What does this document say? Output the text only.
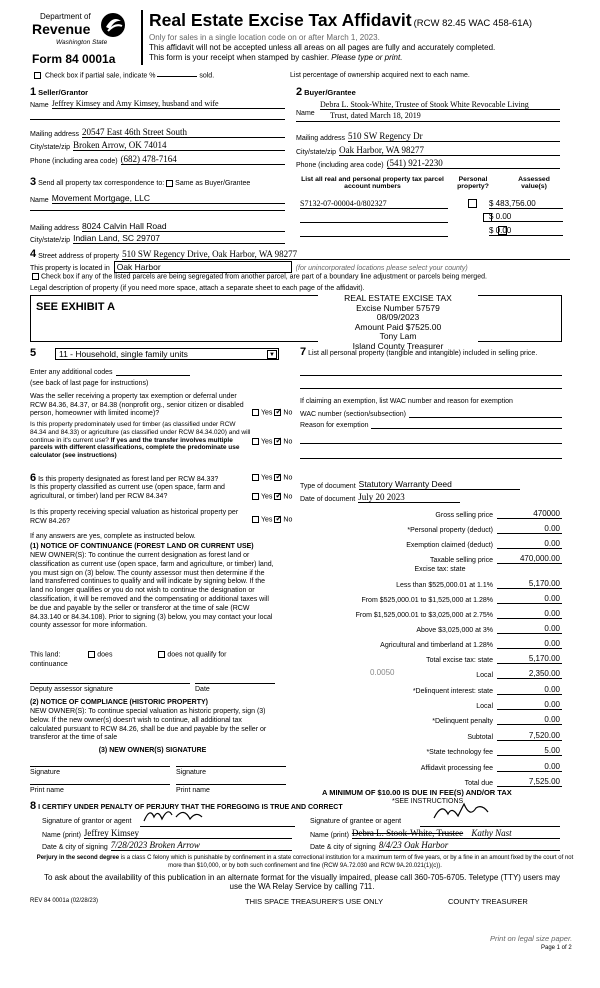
Department of
Revenue
Washington State
Form 84 0001a
Real Estate Excise Tax Affidavit (RCW 82.45 WAC 458-61A)
Only for sales in a single location code on or after March 1, 2023.
This affidavit will not be accepted unless all areas on all pages are fully and accurately completed.
This form is your receipt when stamped by cashier. Please type or print.
Check box if partial sale, indicate %	sold.	List percentage of ownership acquired next to each name.
1 Seller/Grantor
Name Jeffrey Kimsey and Amy Kimsey, husband and wife
Mailing address 20547 East 46th Street South
City/state/zip Broken Arrow, OK 74014
Phone (including area code) (682) 478-7164
2 Buyer/Grantee
Name
Debra L. Stook-White, Trustee of Stook White Revocable Living
Trust, dated March 18, 2019
Mailing address 510 SW Regency Dr
City/state/zip Oak Harbor, WA 98277
Phone (including area code) (541) 921-2230
3 Send all property tax correspondence to: Same as Buyer/Grantee
Name Movement Mortgage, LLC
Mailing address 8024 Calvin Hall Road
City/state/zip Indian Land, SC 29707
List all real and personal property tax parcel account numbers
Personal property?
Assessed value(s)
S7132-07-00004-0/802327
	$ 483,756.00

$ 0.00
$ 0.00
4 Street address of property 510 SW Regency Drive, Oak Harbor, WA 98277
This property is located in Oak Harbor	(for unincorporated locations please select your county)
Check box if any of the listed parcels are being segregated from another parcel, are part of a boundary line adjustment or parcels being merged.
Legal description of property (if you need more space, attach a separate sheet to each page of the affidavit).
SEE EXHIBIT A
REAL ESTATE EXCISE TAX
Excise Number 57579
08/09/2023
Amount Paid $7525.00
Tony Lam
Island County Treasurer
5	11 - Household, single family units	▼
Enter any additional codes
(see back of last page for instructions)
Was the seller receiving a property tax exemption or deferral under RCW 84.36, 84.37, or 84.38 (nonprofit org., senior citizen or disabled person, homeowner with limited income)?	Yes ✓ No
Is this property predominately used for timber (as classified under RCW 84.34 and 84.33) or agriculture (as classified under RCW 84.34.020) and will continue in it's current use? If yes and the transfer involves multiple parcels with different classifications, complete the predominate use calculator (see instructions)
Yes ✓ No
7 List all personal property (tangible and intangible) included in selling price.
If claiming an exemption, list WAC number and reason for exemption
WAC number (section/subsection)
Reason for exemption
Type of document Statutory Warranty Deed
Date of document July 20 2023
6 Is this property designated as forest land per RCW 84.33?	Yes ✓ No
Is this property classified as current use (open space, farm and agricultural, or timber) land per RCW 84.34?	Yes ✓ No
Is this property receiving special valuation as historical property per RCW 84.26?	Yes ✓ No
If any answers are yes, complete as instructed below.
(1) NOTICE OF CONTINUANCE (FOREST LAND OR CURRENT USE)
NEW OWNER(S): To continue the current designation as forest land or classification as current use (open space, farm and agriculture, or timber) land, you must sign on (3) below. The county assessor must then determine if the land transferred continues to qualify and will indicate by signing below. If the land no longer qualifies or you do not wish to continue the designation or classification, it will be removed and the compensating or additional taxes will be due and payable by the seller or transferor at the time of sale (RCW 84.33.140 or 84.34.108). Prior to signing (3) below, you may contact your local county assessor for more information.
This land:	does	does not qualify for
continuance
Deputy assessor signature	Date
(2) NOTICE OF COMPLIANCE (HISTORIC PROPERTY)
NEW OWNER(S): To continue special valuation as historic property, sign (3) below. If the new owner(s) doesn't wish to continue, all additional tax calculated pursuant to RCW 84.26, shall be due and payable by the seller or transferor at the time of sale
(3) NEW OWNER(S) SIGNATURE
Signature	Signature
Print name	Print name
Gross selling price	470000
*Personal property (deduct)	0.00
Exemption claimed (deduct)	0.00
Taxable selling price	470,000.00
Excise tax: state
Less than $525,000.01 at 1.1%	5,170.00
From $525,000.01 to $1,525,000 at 1.28%	0.00
From $1,525,000.01 to $3,025,000 at 2.75%	0.00
Above $3,025,000 at 3%	0.00
Agricultural and timberland at 1.28%	0.00
Total excise tax: state	5,170.00
0.0050	Local	2,350.00
*Delinquent interest: state	0.00
Local	0.00
*Delinquent penalty	0.00
Subtotal	7,520.00
*State technology fee	5.00
Affidavit processing fee	0.00
Total due	7,525.00
A MINIMUM OF $10.00 IS DUE IN FEE(S) AND/OR TAX
*SEE INSTRUCTIONS
8 I CERTIFY UNDER PENALTY OF PERJURY THAT THE FOREGOING IS TRUE AND CORRECT
Signature of grantor or agent
Name (print) Jeffrey Kimsey
Date & city of signing 7/28/2023 Broken Arrow
Signature of grantee or agent
Name (print) Debra L. Stook-White, Trustee Kathy Nast
Date & city of signing 8/4/23 Oak Harbor
Perjury in the second degree is a class C felony which is punishable by confinement in a state correctional institution for a maximum term of five years, or by a fine in an amount fixed by the court of not more than $10,000, or by both such confinement and fine (RCW 9A.72.030 and RCW 9A.20.021(1)(c)).
To ask about the availability of this publication in an alternate format for the visually impaired, please call 360-705-6705. Teletype (TTY) users may use the WA Relay Service by calling 711.
REV 84 0001a (02/28/23)	THIS SPACE TREASURER'S USE ONLY	COUNTY TREASURER
Print on legal size paper.
Page 1 of 2
